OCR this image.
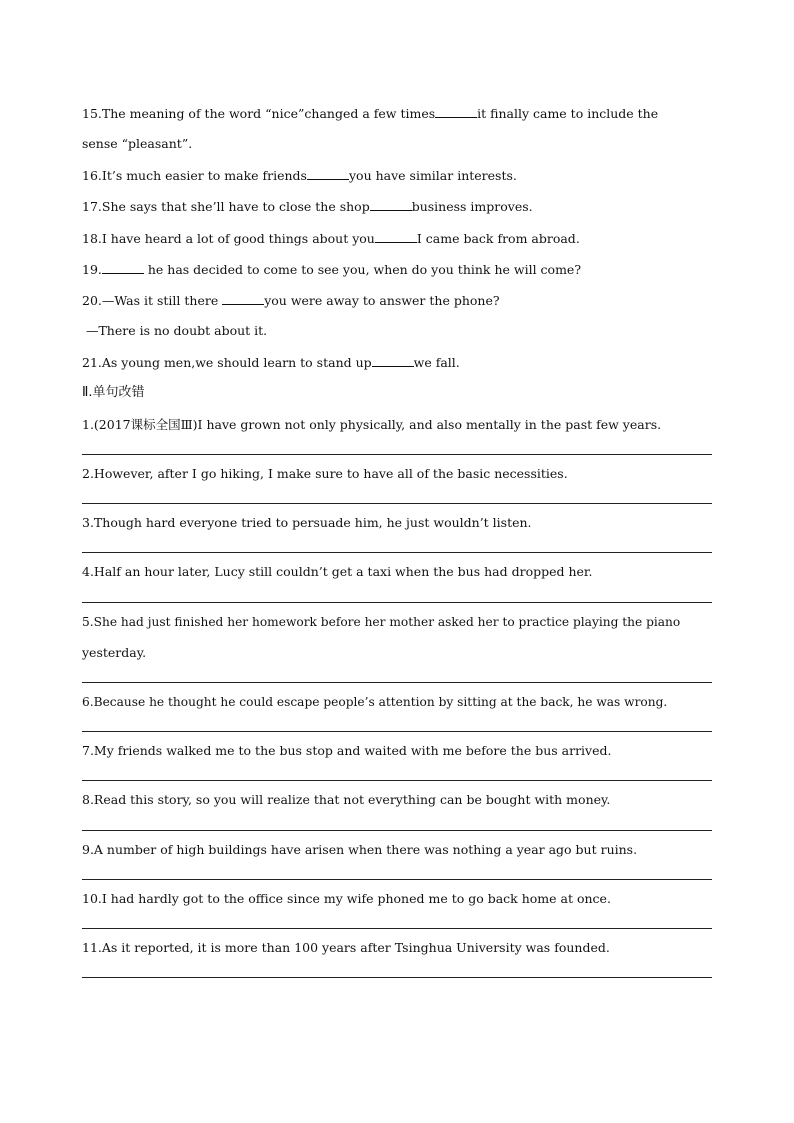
15.The meaning of the word “nice”changed a few times	it finally came to include the
sense “pleasant”.
16.It’s much easier to make friends	you have similar interests.
17.She says that she’ll have to close the shop	business improves.
18.I have heard a lot of good things about you	I came back from abroad.
19.	he has decided to come to see you, when do you think he will come?
20.—Was it still there	you were away to answer the phone?
—There is no doubt about it.
21.As young men,we should learn to stand up	we fall.
Ⅱ.单句改错
1.(2017课标全国Ⅲ)I have grown not only physically, and also mentally in the past few years.
2.However, after I go hiking, I make sure to have all of the basic necessities.
3.Though hard everyone tried to persuade him, he just wouldn’t listen.
4.Half an hour later, Lucy still couldn’t get a taxi when the bus had dropped her.
5.She had just finished her homework before her mother asked her to practice playing the piano
yesterday.
6.Because he thought he could escape people’s attention by sitting at the back, he was wrong.
7.My friends walked me to the bus stop and waited with me before the bus arrived.
8.Read this story, so you will realize that not everything can be bought with money.
9.A number of high buildings have arisen when there was nothing a year ago but ruins.
10.I had hardly got to the office since my wife phoned me to go back home at once.
11.As it reported, it is more than 100 years after Tsinghua University was founded.
